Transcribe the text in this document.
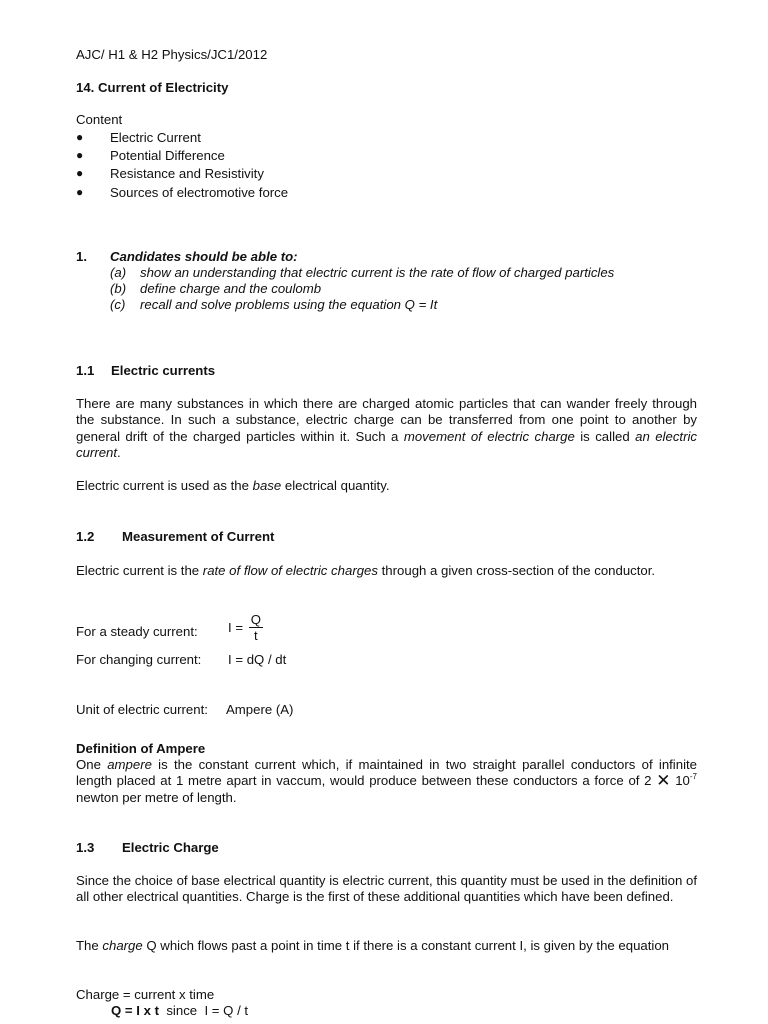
AJC/ H1 & H2 Physics/JC1/2012
14. Current of Electricity
Content
● Electric Current
● Potential Difference
● Resistance and Resistivity
● Sources of electromotive force
1.	Candidates should be able to:
(a) show an understanding that electric current is the rate of flow of charged particles
(b) define charge and the coulomb
(c) recall and solve problems using the equation Q = It
1.1	Electric currents
There are many substances in which there are charged atomic particles that can wander freely through the substance. In such a substance, electric charge can be transferred from one point to another by general drift of the charged particles within it. Such a movement of electric charge is called an electric current.
Electric current is used as the base electrical quantity.
1.2	Measurement of Current
Electric current is the rate of flow of electric charges through a given cross-section of the conductor.
For a steady current:	$I = \frac{Q}{t}$
For changing current:	I = dQ / dt
Unit of electric current:	Ampere (A)
Definition of Ampere
One ampere is the constant current which, if maintained in two straight parallel conductors of infinite length placed at 1 metre apart in vaccum, would produce between these conductors a force of 2 ✕ $10^{-7}$ newton per metre of length.
1.3	Electric Charge
Since the choice of base electrical quantity is electric current, this quantity must be used in the definition of all other electrical quantities. Charge is the first of these additional quantities which have been defined.
The charge Q which flows past a point in time t if there is a constant current I, is given by the equation
Charge = current x time
Q = I x t  since  I = Q / t
